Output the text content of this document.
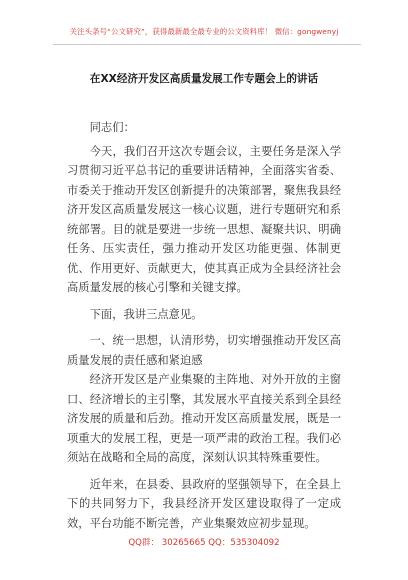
关注头条号“公文研究”，获得最新最全最专业的公文资料库！ 微信：gongwenyj
在XX经济开发区高质量发展工作专题会上的讲话

同志们：

今天，我们召开这次专题会议，主要任务是深入学习贯彻习近平总书记的重要讲话精神，全面落实省委、市委关于推动开发区创新提升的决策部署，聚焦我县经济开发区高质量发展这一核心议题，进行专题研究和系统部署。目的就是要进一步统一思想、凝聚共识、明确任务、压实责任，强力推动开发区功能更强、体制更优、作用更好、贡献更大，使其真正成为全县经济社会高质量发展的核心引擎和关键支撑。

下面，我讲三点意见。

一、统一思想，认清形势，切实增强推动开发区高质量发展的责任感和紧迫感

经济开发区是产业集聚的主阵地、对外开放的主窗口、经济增长的主引擎，其发展水平直接关系到全县经济发展的质量和后劲。推动开发区高质量发展，既是一项重大的发展工程，更是一项严肃的政治工程。我们必须站在战略和全局的高度，深刻认识其特殊重要性。

近年来，在县委、县政府的坚强领导下，在全县上下的共同努力下，我县经济开发区建设取得了一定成效，平台功能不断完善，产业集聚效应初步显现。

QQ群： 30265665 QQ：535304092
